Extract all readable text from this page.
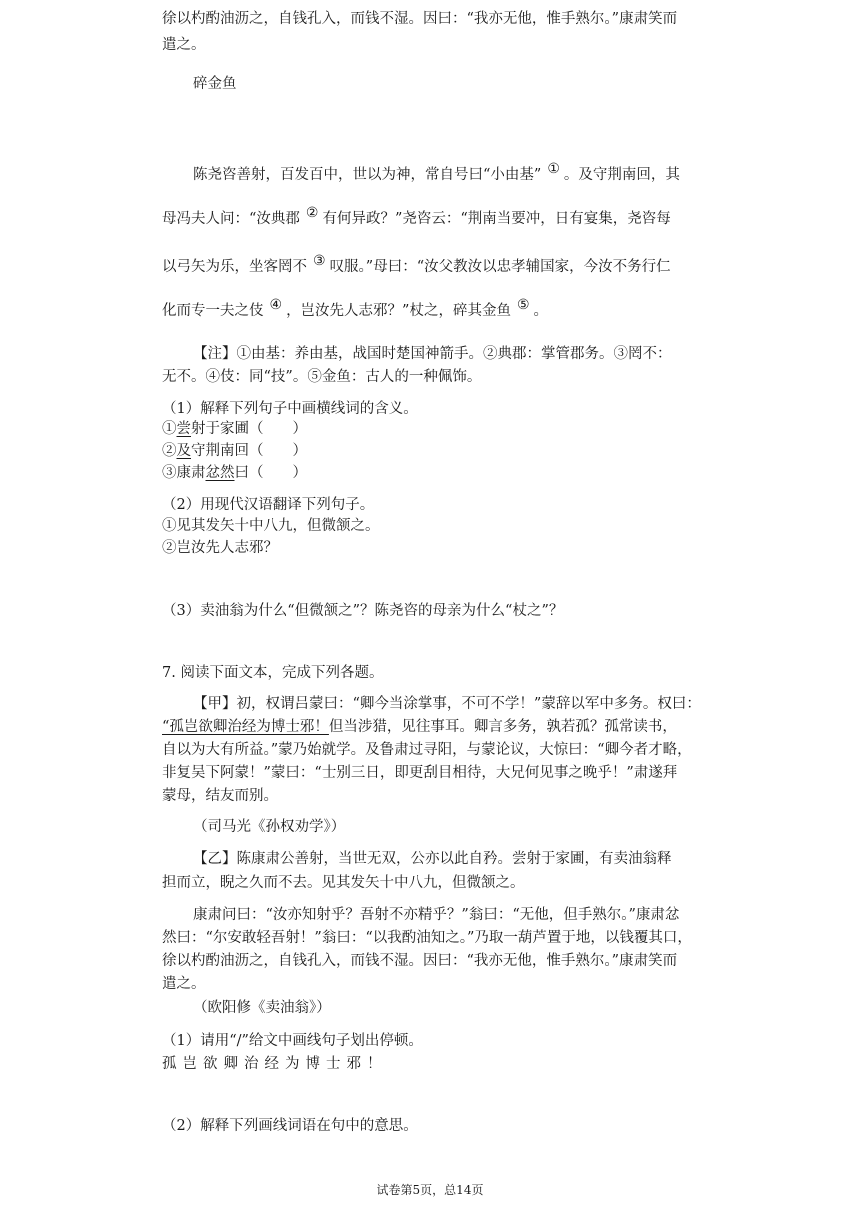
徐以杓酌油沥之，自钱孔入，而钱不湿。因曰：“我亦无他，惟手熟尔。”康肃笑而
遣之。
碎金鱼
陈尧咨善射，百发百中，世以为神，常自号曰“小由基” ① 。及守荆南回，其
母冯夫人问：“汝典郡 ② 有何异政？”尧咨云：“荆南当要冲，日有宴集，尧咨每
以弓矢为乐，坐客罔不 ③ 叹服。”母曰：“汝父教汝以忠孝辅国家，今汝不务行仁
化而专一夫之伎 ④ ，岂汝先人志邪？”杖之，碎其金鱼 ⑤ 。
【注】①由基：养由基，战国时楚国神箭手。②典郡：掌管郡务。③罔不：
无不。④伎：同“技”。⑤金鱼：古人的一种佩饰。
（1）解释下列句子中画横线词的含义。
①尝射于家圃（　　）
②及守荆南回（　　）
③康肃忿然曰（　　）
（2）用现代汉语翻译下列句子。
①见其发矢十中八九，但微颔之。
②岂汝先人志邪？
（3）卖油翁为什么“但微颔之”？陈尧咨的母亲为什么“杖之”？
7. 阅读下面文本，完成下列各题。
【甲】初，权谓吕蒙曰：“卿今当涂掌事，不可不学！”蒙辞以军中多务。权曰：
“孤岂欲卿治经为博士邪！但当涉猎，见往事耳。卿言多务，孰若孤？孤常读书，
自以为大有所益。”蒙乃始就学。及鲁肃过寻阳，与蒙论议，大惊曰：“卿今者才略，
非复吴下阿蒙！”蒙曰：“士别三日，即更刮目相待，大兄何见事之晚乎！”肃遂拜
蒙母，结友而别。
（司马光《孙权劝学》）
【乙】陈康肃公善射，当世无双，公亦以此自矜。尝射于家圃，有卖油翁释
担而立，睨之久而不去。见其发矢十中八九，但微颔之。
康肃问曰：“汝亦知射乎？吾射不亦精乎？”翁曰：“无他，但手熟尔。”康肃忿
然曰：“尔安敢轻吾射！”翁曰：“以我酌油知之。”乃取一葫芦置于地，以钱覆其口，
徐以杓酌油沥之，自钱孔入，而钱不湿。因曰：“我亦无他，惟手熟尔。”康肃笑而
遣之。
（欧阳修《卖油翁》）
（1）请用“/”给文中画线句子划出停顿。
孤岂欲卿治经为博士邪！
（2）解释下列画线词语在句中的意思。
试卷第5页，总14页
